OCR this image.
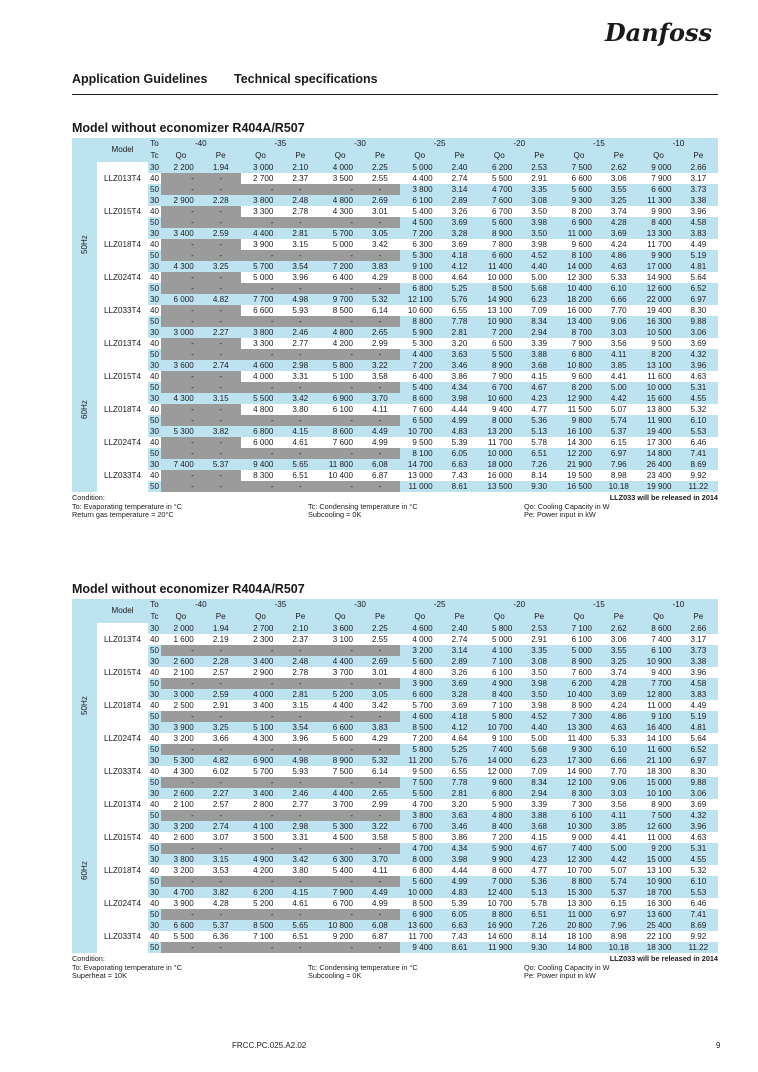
Danfoss
Application Guidelines Technical specifications
Model without economizer R404A/R507
	Model	To	-40		-35		-30		-25		-20		-15		-10	
		Tc	Qo	Pe	Qo	Pe	Qo	Pe	Qo	Pe	Qo	Pe	Qo	Pe	Qo	Pe

50Hz	LLZ013T4	30	2 200	1.94	3 000	2.10	4 000	2.25	5 000	2.40	6 200	2.53	7 500	2.62	9 000	2.66
		40	-	-	2 700	2.37	3 500	2.55	4 400	2.74	5 500	2.91	6 600	3.06	7 900	3.17
		50	-	-	-	-	-	-	3 800	3.14	4 700	3.35	5 600	3.55	6 600	3.73
	LLZ015T4	30	2 900	2.28	3 800	2.48	4 800	2.69	6 100	2.89	7 600	3.08	9 300	3.25	11 300	3.38
		40	-	-	3 300	2.78	4 300	3.01	5 400	3.26	6 700	3.50	8 200	3.74	9 900	3.96
		50	-	-	-	-	-	-	4 500	3.69	5 600	3.98	6 900	4.28	8 400	4.58
	LLZ018T4	30	3 400	2.59	4 400	2.81	5 700	3.05	7 200	3.28	8 900	3.50	11 000	3.69	13 300	3.83
		40	-	-	3 900	3.15	5 000	3.42	6 300	3.69	7 800	3.98	9 600	4.24	11 700	4.49
		50	-	-	-	-	-	-	5 300	4.18	6 600	4.52	8 100	4.86	9 900	5.19
	LLZ024T4	30	4 300	3.25	5 700	3.54	7 200	3.83	9 100	4.12	11 400	4.40	14 000	4.63	17 000	4.81
		40	-	-	5 000	3.96	6 400	4.29	8 000	4.64	10 000	5.00	12 300	5.33	14 900	5.64
		50	-	-	-	-	-	-	6 800	5.25	8 500	5.68	10 400	6.10	12 600	6.52
	LLZ033T4	30	6 000	4.82	7 700	4.98	9 700	5.32	12 100	5.76	14 900	6.23	18 200	6.66	22 000	6.97
		40	-	-	6 600	5.93	8 500	6.14	10 600	6.55	13 100	7.09	16 000	7.70	19 400	8.30
		50	-	-	-	-	-	-	8 800	7.78	10 900	8.34	13 400	9.06	16 300	9.88

60Hz	LLZ013T4	30	3 000	2.27	3 800	2.46	4 800	2.65	5 900	2.81	7 200	2.94	8 700	3.03	10 500	3.06
		40	-	-	3 300	2.77	4 200	2.99	5 300	3.20	6 500	3.39	7 900	3.56	9 500	3.69
		50	-	-	-	-	-	-	4 400	3.63	5 500	3.88	6 800	4.11	8 200	4.32
	LLZ015T4	30	3 600	2.74	4 600	2.98	5 800	3.22	7 200	3.46	8 900	3.68	10 800	3.85	13 100	3.96
		40	-	-	4 000	3.31	5 100	3.58	6 400	3.86	7 900	4.15	9 600	4.41	11 600	4.63
		50	-	-	-	-	-	-	5 400	4.34	6 700	4.67	8 200	5.00	10 000	5.31
	LLZ018T4	30	4 300	3.15	5 500	3.42	6 900	3.70	8 600	3.98	10 600	4.23	12 900	4.42	15 600	4.55
		40	-	-	4 800	3.80	6 100	4.11	7 600	4.44	9 400	4.77	11 500	5.07	13 800	5.32
		50	-	-	-	-	-	-	6 500	4.99	8 000	5.36	9 800	5.74	11 900	6.10
	LLZ024T4	30	5 300	3.82	6 800	4.15	8 600	4.49	10 700	4.83	13 200	5.13	16 100	5.37	19 400	5.53
		40	-	-	6 000	4.61	7 600	4.99	9 500	5.39	11 700	5.78	14 300	6.15	17 300	6.46
		50	-	-	-	-	-	-	8 100	6.05	10 000	6.51	12 200	6.97	14 800	7.41
	LLZ033T4	30	7 400	5.37	9 400	5.65	11 800	6.08	14 700	6.63	18 000	7.26	21 900	7.96	26 400	8.69
		40	-	-	8 300	6.51	10 400	6.87	13 000	7.43	16 000	8.14	19 500	8.98	23 400	9.92
		50	-	-	-	-	-	-	11 000	8.61	13 500	9.30	16 500	10.18	19 900	11.22
Condition:	LLZ033 will be released in 2014
To: Evaporating temperature in °C	Tc: Condensing temperature in °C	Qo: Cooling Capacity in W
Return gas temperature = 20°C	Subcooling = 0K	Pe: Power input in kW
Model without economizer R404A/R507
	Model	To	-40		-35		-30		-25		-20		-15		-10	
		Tc	Qo	Pe	Qo	Pe	Qo	Pe	Qo	Pe	Qo	Pe	Qo	Pe	Qo	Pe

50Hz	LLZ013T4	30	2 000	1.94	2 700	2.10	3 600	2.25	4 600	2.40	5 800	2.53	7 100	2.62	8 600	2.66
		40	1 600	2.19	2 300	2.37	3 100	2.55	4 000	2.74	5 000	2.91	6 100	3.06	7 400	3.17
		50	-	-	-	-	-	-	3 200	3.14	4 100	3.35	5 000	3.55	6 100	3.73
	LLZ015T4	30	2 600	2.28	3 400	2.48	4 400	2.69	5 600	2.89	7 100	3.08	8 900	3.25	10 900	3.38
		40	2 100	2.57	2 900	2.78	3 700	3.01	4 800	3.26	6 100	3.50	7 600	3.74	9 400	3.96
		50	-	-	-	-	-	-	3 900	3.69	4 900	3.98	6 200	4.28	7 700	4.58
	LLZ018T4	30	3 000	2.59	4 000	2.81	5 200	3.05	6 600	3.28	8 400	3.50	10 400	3.69	12 800	3.83
		40	2 500	2.91	3 400	3.15	4 400	3.42	5 700	3.69	7 100	3.98	8 900	4.24	11 000	4.49
		50	-	-	-	-	-	-	4 600	4.18	5 800	4.52	7 300	4.86	9 100	5.19
	LLZ024T4	30	3 900	3.25	5 100	3.54	6 600	3.83	8 500	4.12	10 700	4.40	13 300	4.63	16 400	4.81
		40	3 200	3.66	4 300	3.96	5 600	4.29	7 200	4.64	9 100	5.00	11 400	5.33	14 100	5.64
		50	-	-	-	-	-	-	5 800	5.25	7 400	5.68	9 300	6.10	11 600	6.52
	LLZ033T4	30	5 300	4.82	6 900	4.98	8 900	5.32	11 200	5.76	14 000	6.23	17 300	6.66	21 100	6.97
		40	4 300	6.02	5 700	5.93	7 500	6.14	9 500	6.55	12 000	7.09	14 900	7.70	18 300	8.30
		50	-	-	-	-	-	-	7 500	7.78	9 600	8.34	12 100	9.06	15 000	9.88

60Hz	LLZ013T4	30	2 600	2.27	3 400	2.46	4 400	2.65	5 500	2.81	6 800	2.94	8 300	3.03	10 100	3.06
		40	2 100	2.57	2 800	2.77	3 700	2.99	4 700	3.20	5 900	3.39	7 300	3.56	8 900	3.69
		50	-	-	-	-	-	-	3 800	3.63	4 800	3.88	6 100	4.11	7 500	4.32
	LLZ015T4	30	3 200	2.74	4 100	2.98	5 300	3.22	6 700	3.46	8 400	3.68	10 300	3.85	12 600	3.96
		40	2 600	3.07	3 500	3.31	4 500	3.58	5 800	3.86	7 200	4.15	9 000	4.41	11 000	4.63
		50	-	-	-	-	-	-	4 700	4.34	5 900	4.67	7 400	5.00	9 200	5.31
	LLZ018T4	30	3 800	3.15	4 900	3.42	6 300	3.70	8 000	3.98	9 900	4.23	12 300	4.42	15 000	4.55
		40	3 200	3.53	4 200	3.80	5 400	4.11	6 800	4.44	8 600	4.77	10 700	5.07	13 100	5.32
		50	-	-	-	-	-	-	5 600	4.99	7 000	5.36	8 800	5.74	10 900	6.10
	LLZ024T4	30	4 700	3.82	6 200	4.15	7 900	4.49	10 000	4.83	12 400	5.13	15 300	5.37	18 700	5.53
		40	3 900	4.28	5 200	4.61	6 700	4.99	8 500	5.39	10 700	5.78	13 300	6.15	16 300	6.46
		50	-	-	-	-	-	-	6 900	6.05	8 800	6.51	11 000	6.97	13 600	7.41
	LLZ033T4	30	6 600	5.37	8 500	5.65	10 800	6.08	13 600	6.63	16 900	7.26	20 800	7.96	25 400	8.69
		40	5 500	6.36	7 100	6.51	9 200	6.87	11 700	7.43	14 600	8.14	18 100	8.98	22 100	9.92
		50	-	-	-	-	-	-	9 400	8.61	11 900	9.30	14 800	10.18	18 300	11.22
Condition:	LLZ033 will be released in 2014
To: Evaporating temperature in °C	Tc: Condensing temperature in °C	Qo: Cooling Capacity in W
Superheat = 10K	Subcooling = 0K	Pe: Power input in kW
FRCC.PC.025.A2.02	9
